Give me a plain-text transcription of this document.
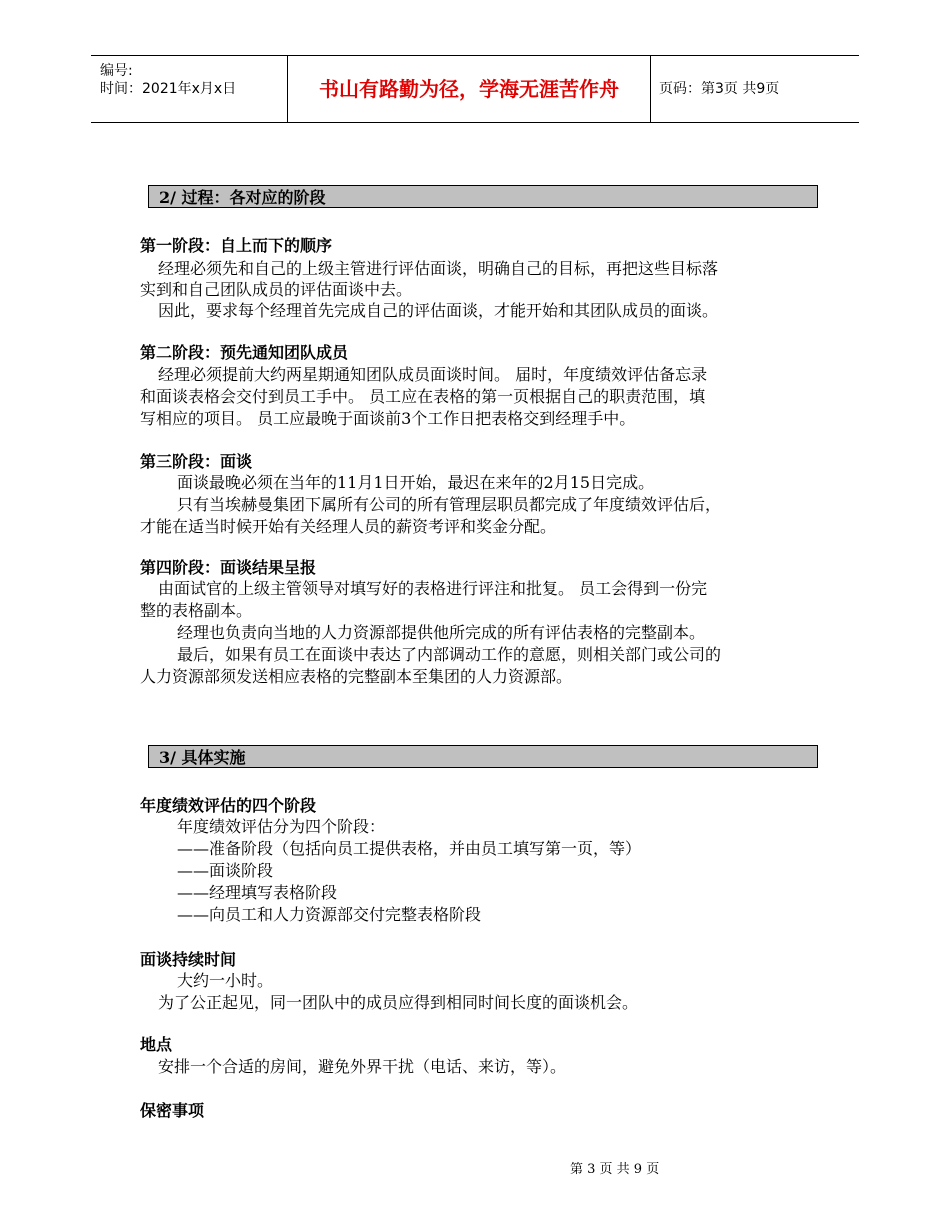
编号:
时间：2021年x月x日	书山有路勤为径，学海无涯苦作舟	页码：第3页 共9页
2/ 过程：各对应的阶段
第一阶段：自上而下的顺序
经理必须先和自己的上级主管进行评估面谈，明确自己的目标，再把这些目标落
实到和自己团队成员的评估面谈中去。
因此，要求每个经理首先完成自己的评估面谈，才能开始和其团队成员的面谈。
第二阶段：预先通知团队成员
经理必须提前大约两星期通知团队成员面谈时间。 届时，年度绩效评估备忘录
和面谈表格会交付到员工手中。 员工应在表格的第一页根据自己的职责范围，填
写相应的项目。 员工应最晚于面谈前3个工作日把表格交到经理手中。
第三阶段：面谈
面谈最晚必须在当年的11月1日开始，最迟在来年的2月15日完成。
只有当埃赫曼集团下属所有公司的所有管理层职员都完成了年度绩效评估后，
才能在适当时候开始有关经理人员的薪资考评和奖金分配。
第四阶段：面谈结果呈报
由面试官的上级主管领导对填写好的表格进行评注和批复。 员工会得到一份完
整的表格副本。
经理也负责向当地的人力资源部提供他所完成的所有评估表格的完整副本。
最后，如果有员工在面谈中表达了内部调动工作的意愿，则相关部门或公司的
人力资源部须发送相应表格的完整副本至集团的人力资源部。
3/ 具体实施
年度绩效评估的四个阶段
年度绩效评估分为四个阶段：
——准备阶段（包括向员工提供表格，并由员工填写第一页，等）
——面谈阶段
——经理填写表格阶段
——向员工和人力资源部交付完整表格阶段
面谈持续时间
大约一小时。
为了公正起见，同一团队中的成员应得到相同时间长度的面谈机会。
地点
安排一个合适的房间，避免外界干扰（电话、来访，等）。
保密事项
第 3 页 共 9 页
